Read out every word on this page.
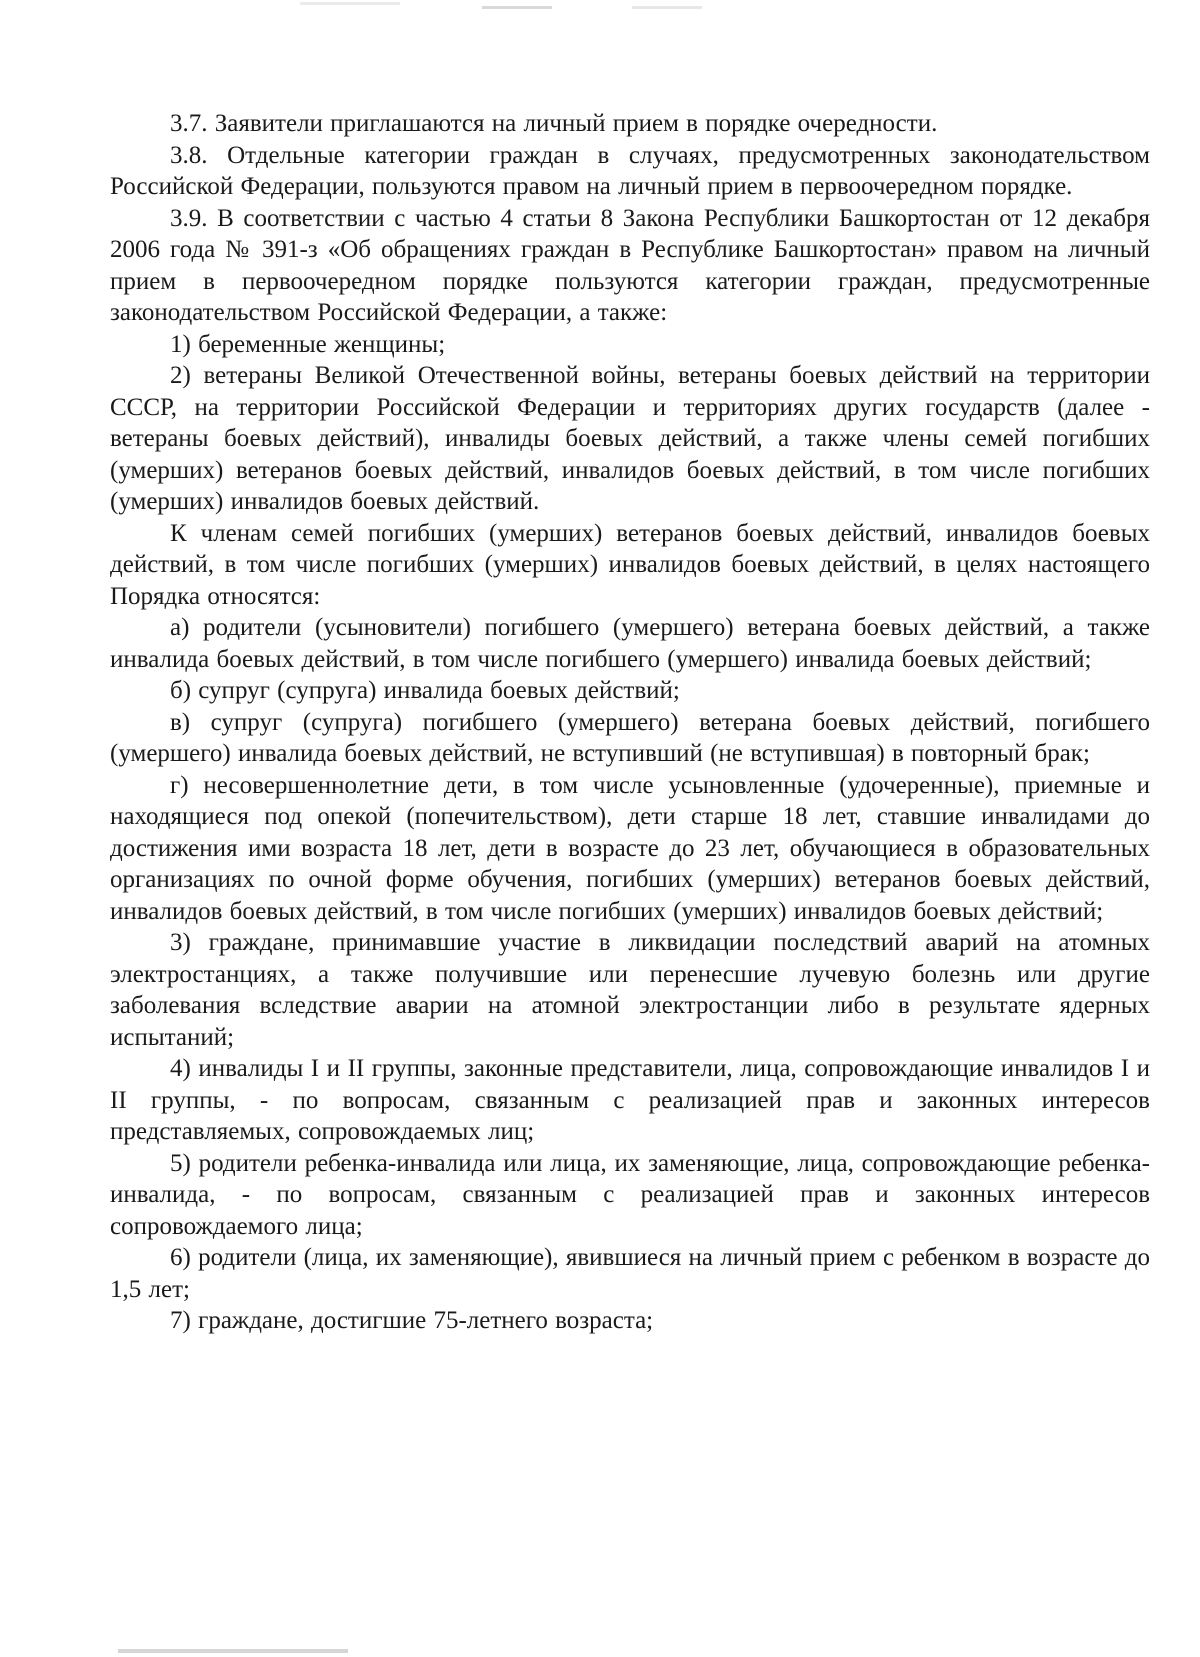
3.7. Заявители приглашаются на личный прием в порядке очередности.

3.8. Отдельные категории граждан в случаях, предусмотренных законодательством Российской Федерации, пользуются правом на личный прием в первоочередном порядке.

3.9. В соответствии с частью 4 статьи 8 Закона Республики Башкортостан от 12 декабря 2006 года № 391-з «Об обращениях граждан в Республике Башкортостан» правом на личный прием в первоочередном порядке пользуются категории граждан, предусмотренные законодательством Российской Федерации, а также:

1) беременные женщины;

2) ветераны Великой Отечественной войны, ветераны боевых действий на территории СССР, на территории Российской Федерации и территориях других государств (далее - ветераны боевых действий), инвалиды боевых действий, а также члены семей погибших (умерших) ветеранов боевых действий, инвалидов боевых действий, в том числе погибших (умерших) инвалидов боевых действий.

К членам семей погибших (умерших) ветеранов боевых действий, инвалидов боевых действий, в том числе погибших (умерших) инвалидов боевых действий, в целях настоящего Порядка относятся:

а) родители (усыновители) погибшего (умершего) ветерана боевых действий, а также инвалида боевых действий, в том числе погибшего (умершего) инвалида боевых действий;

б) супруг (супруга) инвалида боевых действий;

в) супруг (супруга) погибшего (умершего) ветерана боевых действий, погибшего (умершего) инвалида боевых действий, не вступивший (не вступившая) в повторный брак;

г) несовершеннолетние дети, в том числе усыновленные (удочеренные), приемные и находящиеся под опекой (попечительством), дети старше 18 лет, ставшие инвалидами до достижения ими возраста 18 лет, дети в возрасте до 23 лет, обучающиеся в образовательных организациях по очной форме обучения, погибших (умерших) ветеранов боевых действий, инвалидов боевых действий, в том числе погибших (умерших) инвалидов боевых действий;

3) граждане, принимавшие участие в ликвидации последствий аварий на атомных электростанциях, а также получившие или перенесшие лучевую болезнь или другие заболевания вследствие аварии на атомной электростанции либо в результате ядерных испытаний;

4) инвалиды I и II группы, законные представители, лица, сопровождающие инвалидов I и II группы, - по вопросам, связанным с реализацией прав и законных интересов представляемых, сопровождаемых лиц;

5) родители ребенка-инвалида или лица, их заменяющие, лица, сопровождающие ребенка-инвалида, - по вопросам, связанным с реализацией прав и законных интересов сопровождаемого лица;

6) родители (лица, их заменяющие), явившиеся на личный прием с ребенком в возрасте до 1,5 лет;

7) граждане, достигшие 75-летнего возраста;
